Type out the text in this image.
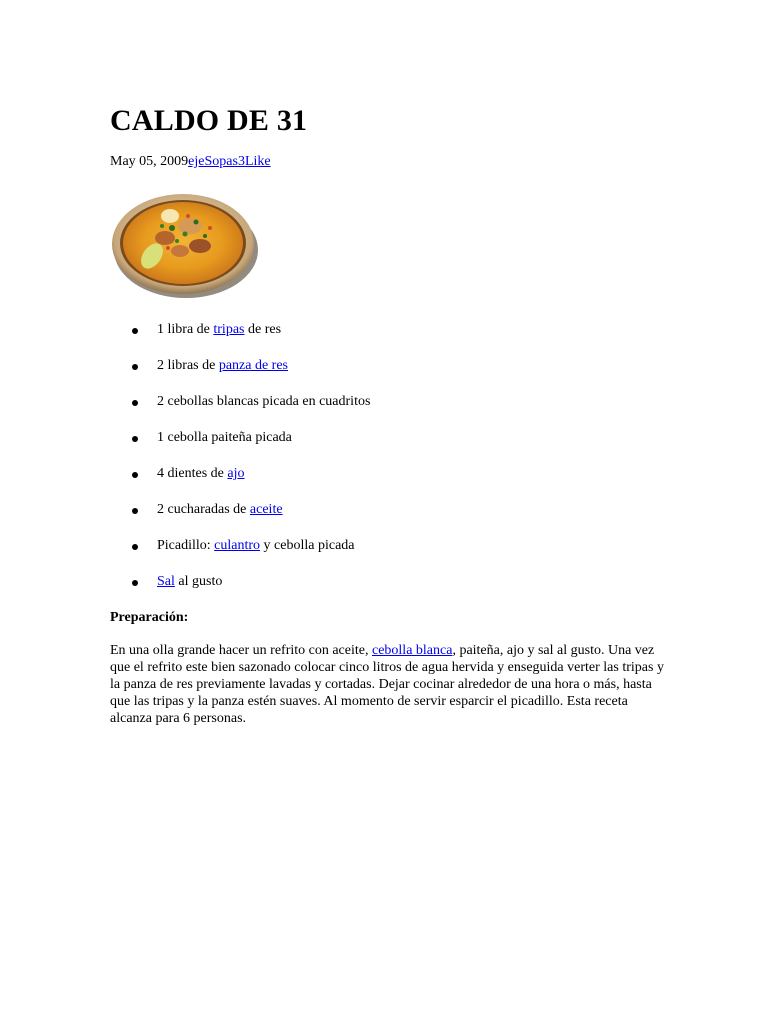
CALDO DE 31
May 05, 2009ejeSopas3Like
1 libra de tripas de res
2 libras de panza de res
2 cebollas blancas picada en cuadritos
1 cebolla paiteña picada
4 dientes de ajo
2 cucharadas de aceite
Picadillo: culantro y cebolla picada
Sal al gusto
Preparación:

En una olla grande hacer un refrito con aceite, cebolla blanca, paiteña, ajo y sal al gusto. Una vez que el refrito este bien sazonado colocar cinco litros de agua hervida y enseguida verter las tripas y la panza de res previamente lavadas y cortadas. Dejar cocinar alrededor de una hora o más, hasta que las tripas y la panza estén suaves. Al momento de servir esparcir el picadillo. Esta receta alcanza para 6 personas.
